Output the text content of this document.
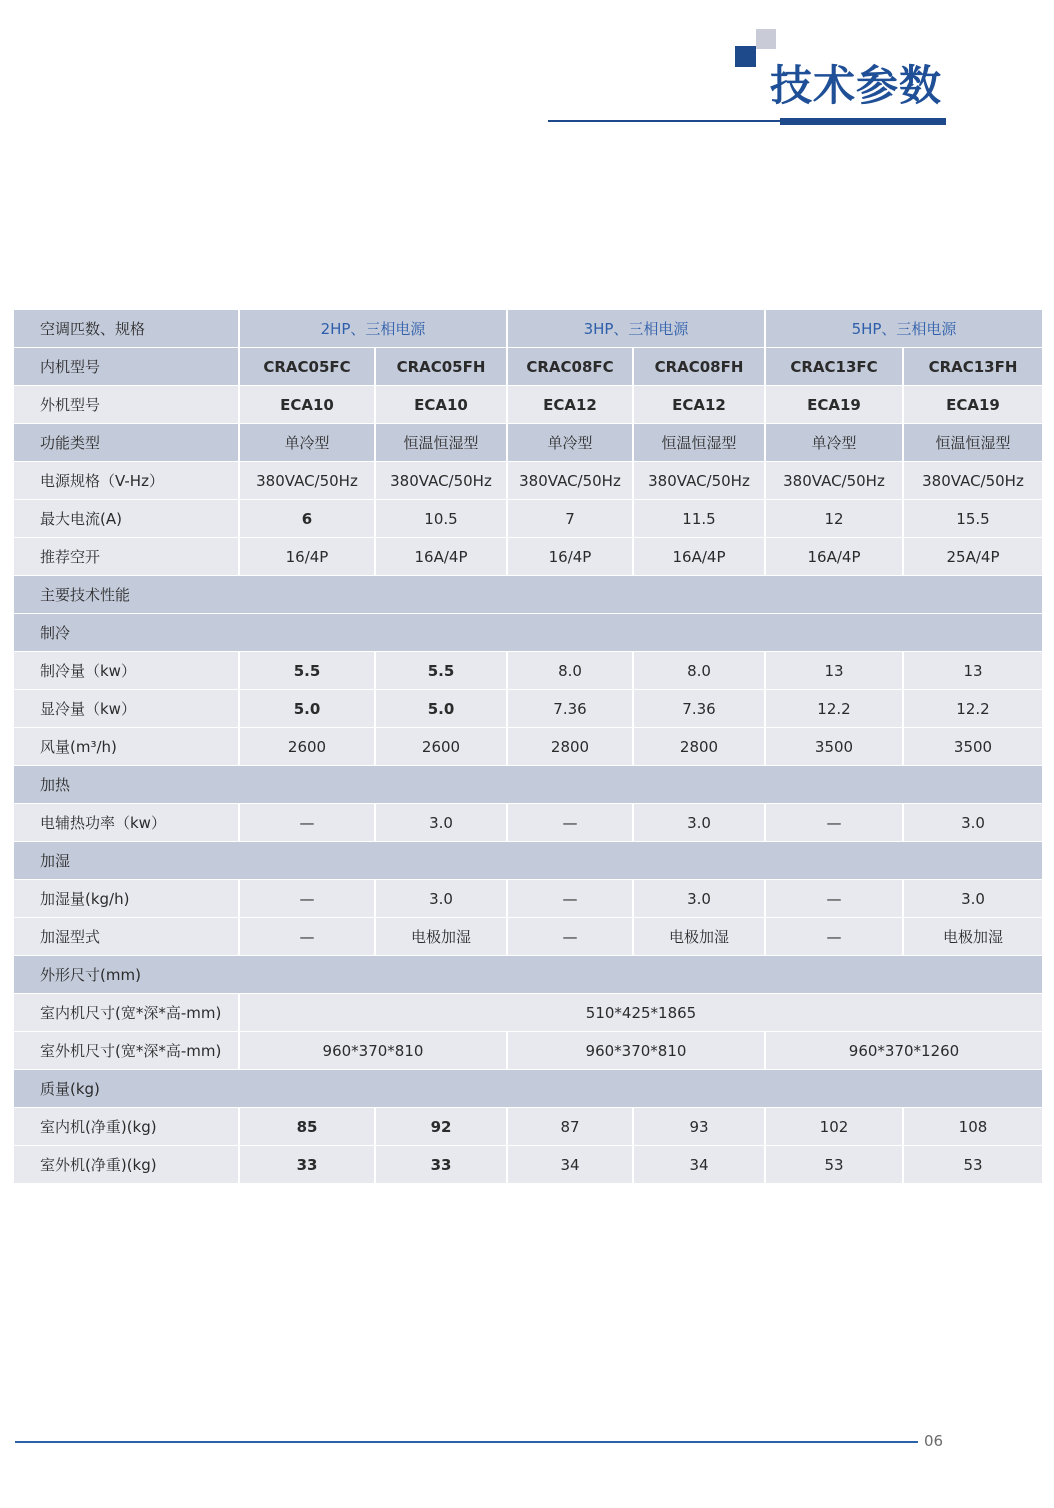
技术参数
空调匹数、规格	2HP、三相电源		3HP、三相电源		5HP、三相电源	
内机型号	CRAC05FC	CRAC05FH	CRAC08FC	CRAC08FH	CRAC13FC	CRAC13FH
外机型号	ECA10	ECA10	ECA12	ECA12	ECA19	ECA19
功能类型	单冷型	恒温恒湿型	单冷型	恒温恒湿型	单冷型	恒温恒湿型
电源规格（V-Hz）	380VAC/50Hz	380VAC/50Hz	380VAC/50Hz	380VAC/50Hz	380VAC/50Hz	380VAC/50Hz
最大电流(A)	6	10.5	7	11.5	12	15.5
推荐空开	16/4P	16A/4P	16/4P	16A/4P	16A/4P	25A/4P
主要技术性能						
制冷						
制冷量（kw）	5.5	5.5	8.0	8.0	13	13
显冷量（kw）	5.0	5.0	7.36	7.36	12.2	12.2
风量(m³/h)	2600	2600	2800	2800	3500	3500
加热						
电辅热功率（kw）	—	3.0	—	3.0	—	3.0
加湿						
加湿量(kg/h)	—	3.0	—	3.0	—	3.0
加湿型式	—	电极加湿	—	电极加湿	—	电极加湿
外形尺寸(mm)						
室内机尺寸(宽*深*高-mm)	510*425*1865					
室外机尺寸(宽*深*高-mm)	960*370*810		960*370*810		960*370*1260	
质量(kg)						
室内机(净重)(kg)	85	92	87	93	102	108
室外机(净重)(kg)	33	33	34	34	53	53
06
